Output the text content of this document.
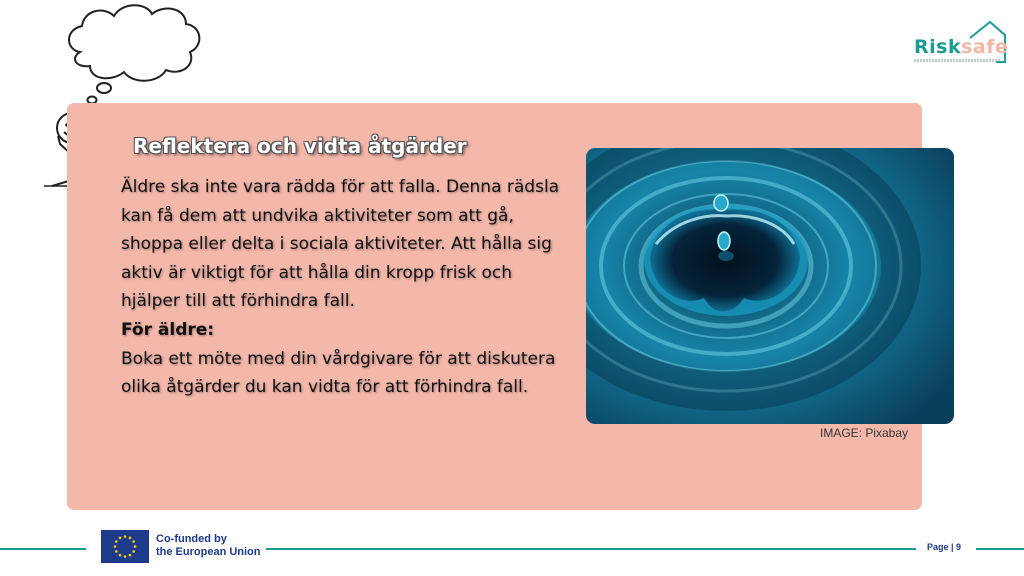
Risksafe
Reflektera och vidta åtgärder

Äldre ska inte vara rädda för att falla. Denna rädsla kan få dem att undvika aktiviteter som att gå, shoppa eller delta i sociala aktiviteter. Att hålla sig aktiv är viktigt för att hålla din kropp frisk och hjälper till att förhindra fall.

För äldre:

Boka ett möte med din vårdgivare för att diskutera olika åtgärder du kan vidta för att förhindra fall.

IMAGE: Pixabay
Co-funded by
the European Union	Page | 9
